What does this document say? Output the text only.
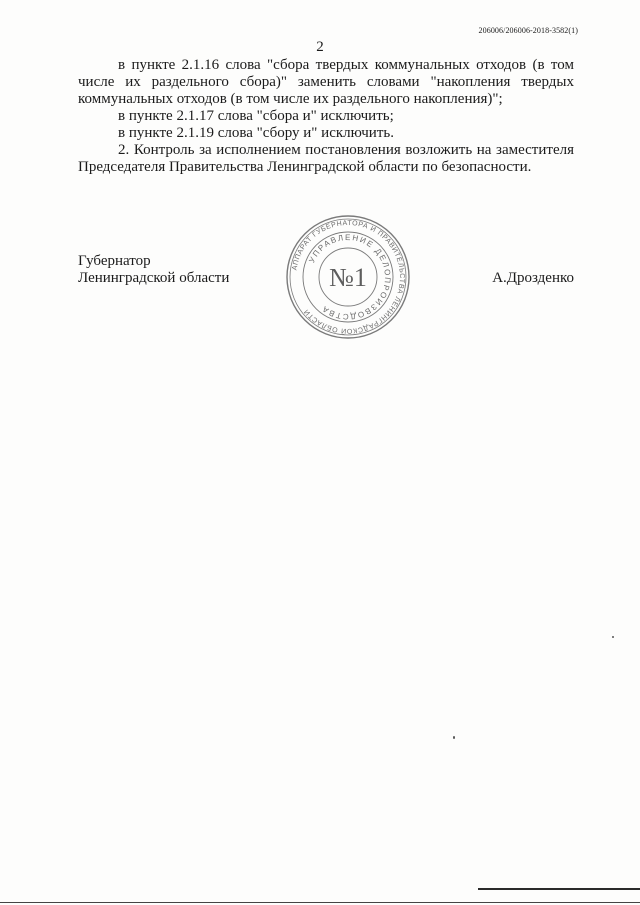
206006/206006-2018-3582(1)
2

в пункте 2.1.16 слова "сбора твердых коммунальных отходов (в том числе их раздельного сбора)" заменить словами "накопления твердых коммунальных отходов (в том числе их раздельного накопления)";

в пункте 2.1.17 слова "сбора и" исключить;

в пункте 2.1.19 слова "сбору и" исключить.

2. Контроль за исполнением постановления возложить на заместителя Председателя Правительства Ленинградской области по безопасности.

Губернатор
Ленинградской области	А.Дрозденко
АППАРАТ ГУБЕРНАТОРА И ПРАВИТЕЛЬСТВА ЛЕНИНГРАДСКОЙ ОБЛАСТИ
УПРАВЛЕНИЕ ДЕЛОПРОИЗВОДСТВА
№1
